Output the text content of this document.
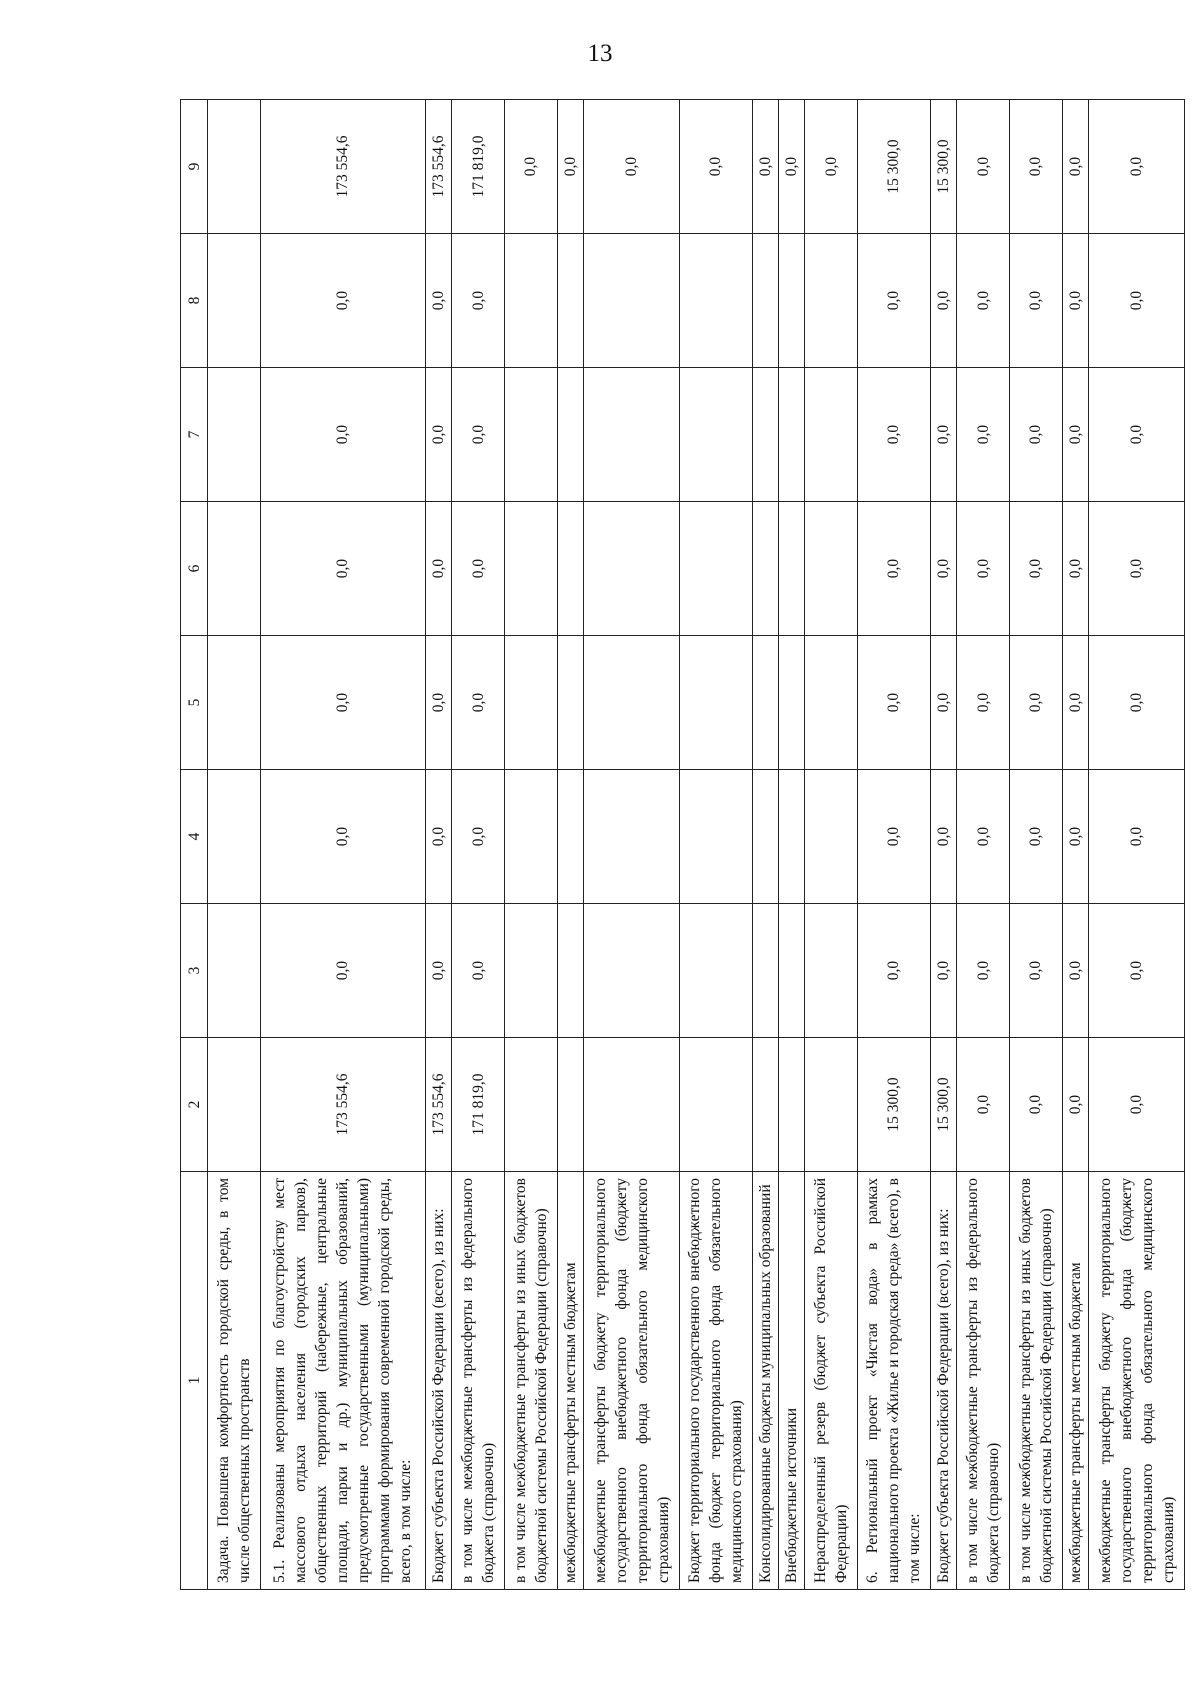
13
1	2	3	4	5	6	7	8	9
Задача. Повышена комфортность городской среды, в том числе общественных пространств								
5.1. Реализованы мероприятия по благоустройству мест массового отдыха населения (городских парков), общественных территорий (набережные, центральные площади, парки и др.) муниципальных образований, предусмотренные государственными (муниципальными) программами формирования современной городской среды, всего, в том числе:	173 554,6	0,0	0,0	0,0	0,0	0,0	0,0	173 554,6
Бюджет субъекта Российской Федерации (всего), из них:	173 554,6	0,0	0,0	0,0	0,0	0,0	0,0	173 554,6
в том числе межбюджетные трансферты из федерального бюджета (справочно)	171 819,0	0,0	0,0	0,0	0,0	0,0	0,0	171 819,0
в том числе межбюджетные трансферты из иных бюджетов бюджетной системы Российской Федерации (справочно)								0,0
межбюджетные трансферты местным бюджетам								0,0
межбюджетные трансферты бюджету территориального государственного внебюджетного фонда (бюджету территориального фонда обязательного медицинского страхования)								0,0
Бюджет территориального государственного внебюджетного фонда (бюджет территориального фонда обязательного медицинского страхования)								0,0
Консолидированные бюджеты муниципальных образований								0,0
Внебюджетные источники								0,0
Нераспределенный резерв (бюджет субъекта Российской Федерации)								0,0
6. Региональный проект «Чистая вода» в рамках национального проекта «Жилье и городская среда» (всего), в том числе:	15 300,0	0,0	0,0	0,0	0,0	0,0	0,0	15 300,0
Бюджет субъекта Российской Федерации (всего), из них:	15 300,0	0,0	0,0	0,0	0,0	0,0	0,0	15 300,0
в том числе межбюджетные трансферты из федерального бюджета (справочно)	0,0	0,0	0,0	0,0	0,0	0,0	0,0	0,0
в том числе межбюджетные трансферты из иных бюджетов бюджетной системы Российской Федерации (справочно)	0,0	0,0	0,0	0,0	0,0	0,0	0,0	0,0
межбюджетные трансферты местным бюджетам	0,0	0,0	0,0	0,0	0,0	0,0	0,0	0,0
межбюджетные трансферты бюджету территориального государственного внебюджетного фонда (бюджету территориального фонда обязательного медицинского страхования)	0,0	0,0	0,0	0,0	0,0	0,0	0,0	0,0
